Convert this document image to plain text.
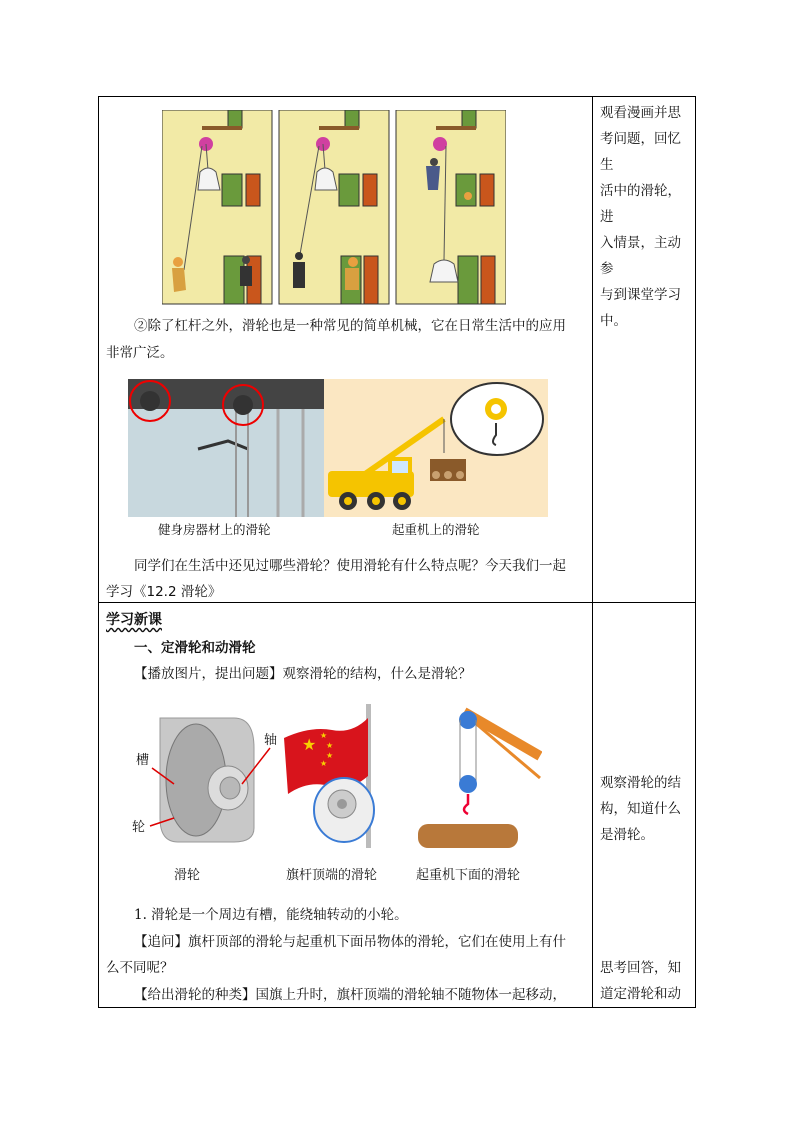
②除了杠杆之外，滑轮也是一种常见的简单机械，它在日常生活中的应用
非常广泛。
健身房器材上的滑轮	起重机上的滑轮
同学们在生活中还见过哪些滑轮？使用滑轮有什么特点呢？今天我们一起
学习《12.2 滑轮》
观看漫画并思
考问题，回忆生
活中的滑轮，进
入情景，主动参
与到课堂学习
中。
学习新课
一、定滑轮和动滑轮
【播放图片，提出问题】观察滑轮的结构，什么是滑轮？
槽
轴
轮
★ ★
★
★
★
滑轮	旗杆顶端的滑轮	起重机下面的滑轮
1. 滑轮是一个周边有槽，能绕轴转动的小轮。
【追问】旗杆顶部的滑轮与起重机下面吊物体的滑轮，它们在使用上有什
么不同呢？
【给出滑轮的种类】国旗上升时，旗杆顶端的滑轮轴不随物体一起移动，
观察滑轮的结
构，知道什么
是滑轮。
思考回答，知
道定滑轮和动
